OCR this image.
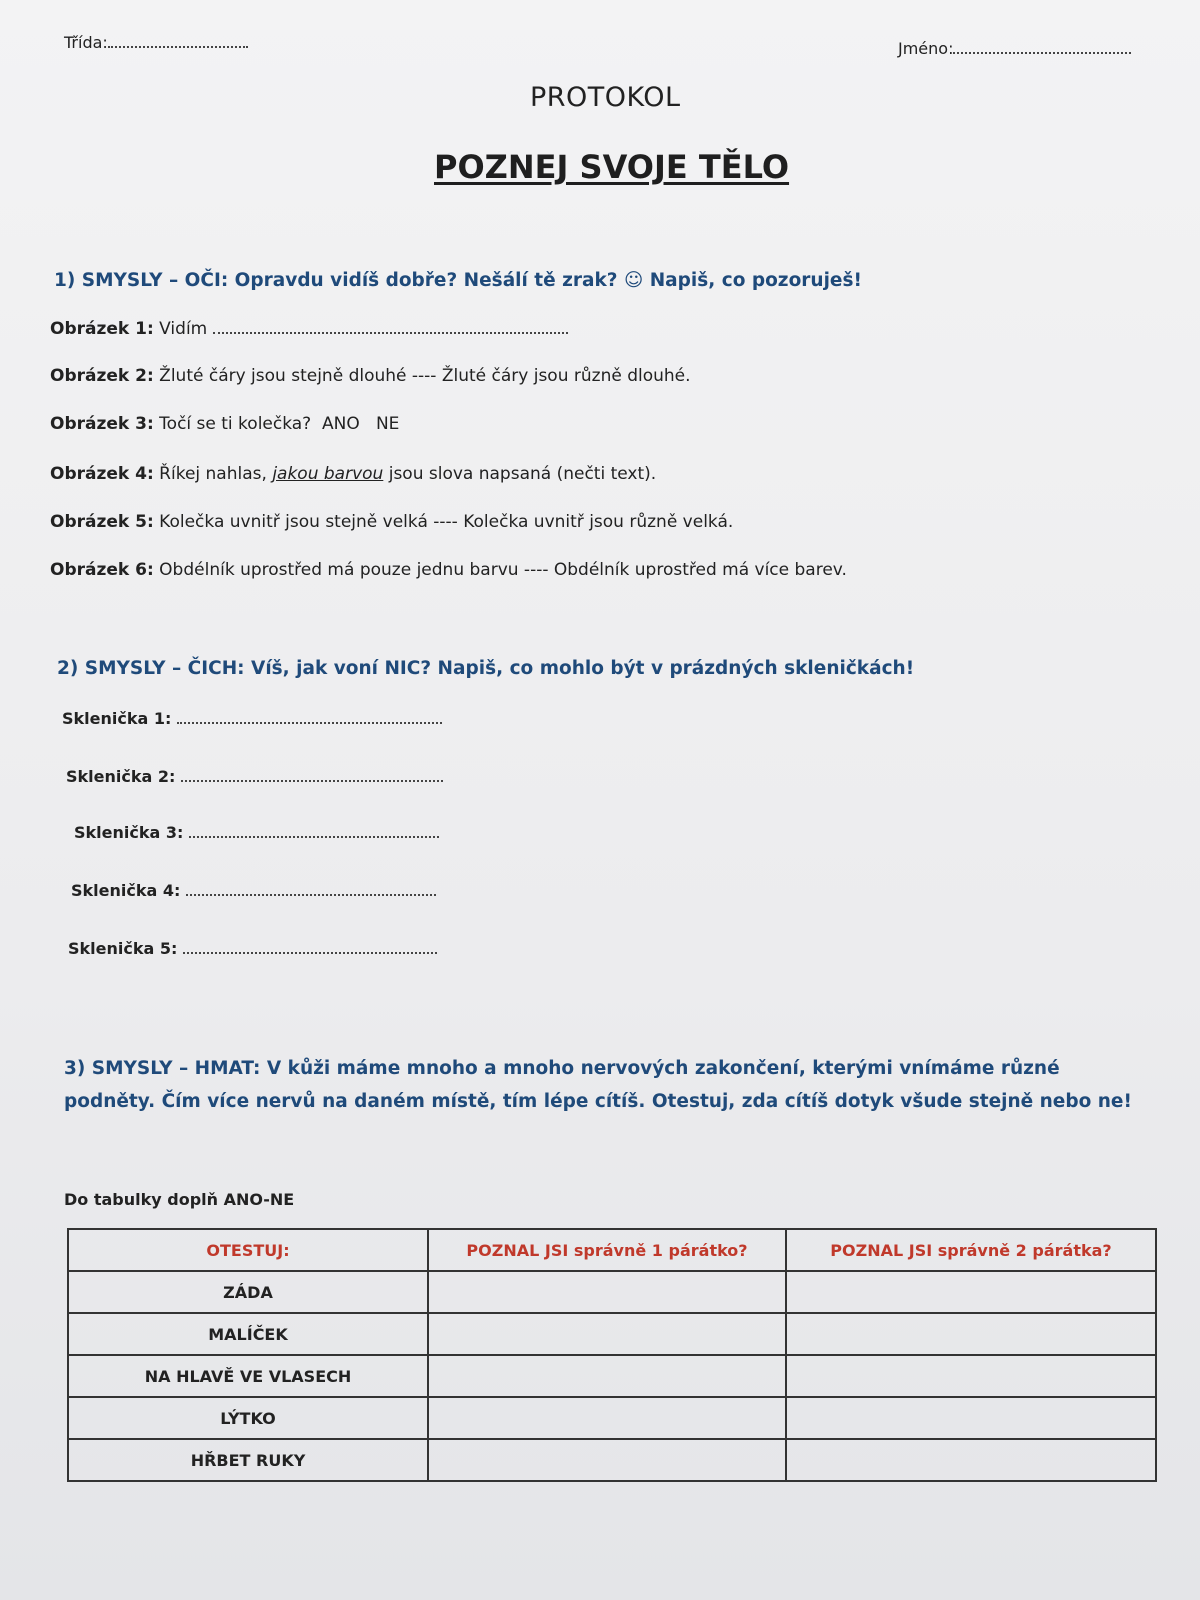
Třída:	Jméno:
PROTOKOL
POZNEJ SVOJE TĚLO
1) SMYSLY – OČI: Opravdu vidíš dobře? Nešálí tě zrak? ☺ Napiš, co pozoruješ!
Obrázek 1: Vidím
Obrázek 2: Žluté čáry jsou stejně dlouhé ---- Žluté čáry jsou různě dlouhé.
Obrázek 3: Točí se ti kolečka?  ANO   NE
Obrázek 4: Říkej nahlas, jakou barvou jsou slova napsaná (nečti text).
Obrázek 5: Kolečka uvnitř jsou stejně velká ---- Kolečka uvnitř jsou různě velká.
Obrázek 6: Obdélník uprostřed má pouze jednu barvu ---- Obdélník uprostřed má více barev.
2) SMYSLY – ČICH: Víš, jak voní NIC? Napiš, co mohlo být v prázdných skleničkách!
Sklenička 1:
Sklenička 2:
Sklenička 3:
Sklenička 4:
Sklenička 5:
3) SMYSLY – HMAT: V kůži máme mnoho a mnoho nervových zakončení, kterými vnímáme různé podněty. Čím více nervů na daném místě, tím lépe cítíš. Otestuj, zda cítíš dotyk všude stejně nebo ne!
Do tabulky doplň ANO-NE
OTESTUJ:	POZNAL JSI správně 1 párátko?	POZNAL JSI správně 2 párátka?
ZÁDA		
MALÍČEK		
NA HLAVĚ VE VLASECH		
LÝTKO		
HŘBET RUKY		
